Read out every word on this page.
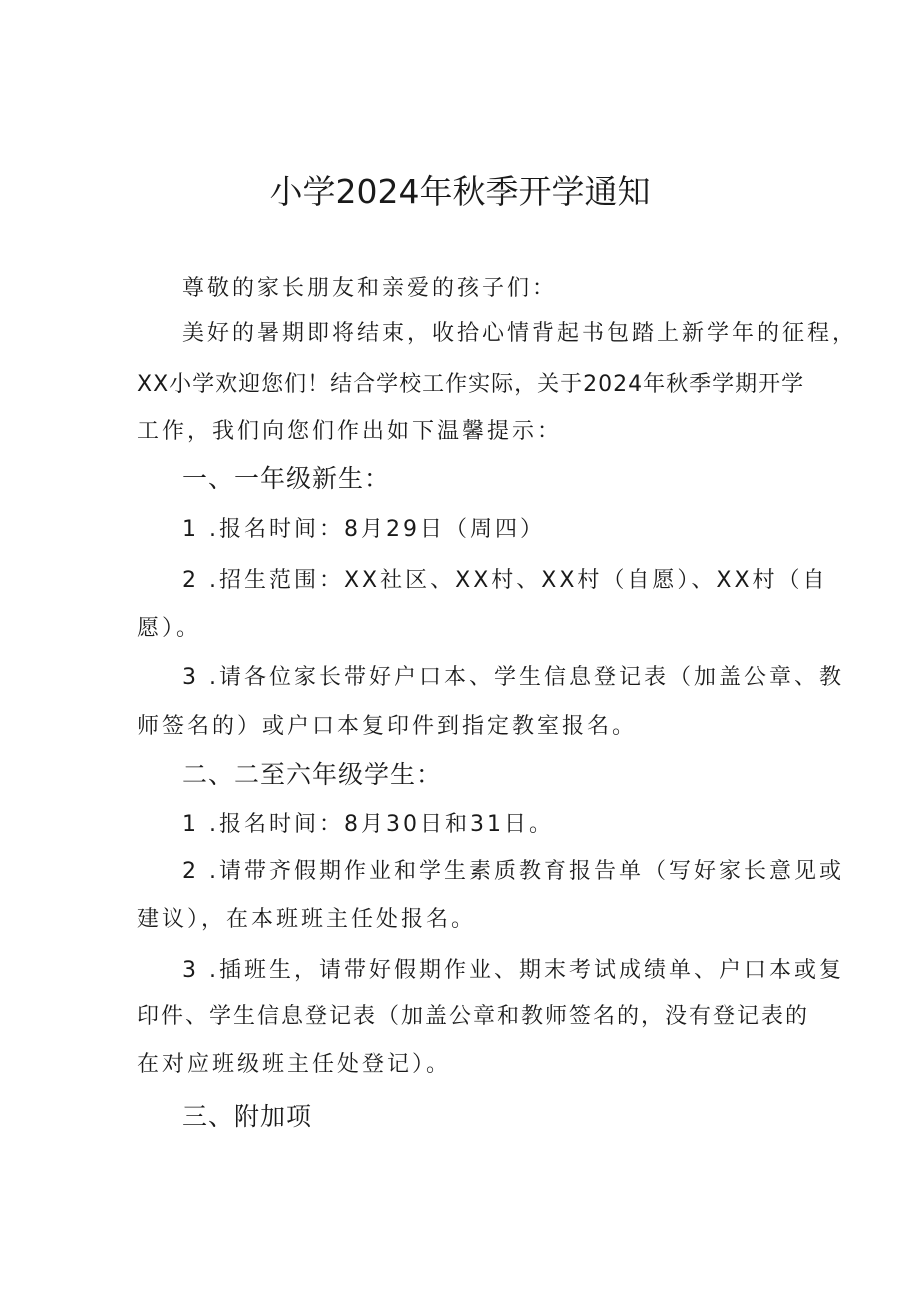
小学2024年秋季开学通知
尊敬的家长朋友和亲爱的孩子们：
美好的暑期即将结束，收拾心情背起书包踏上新学年的征程，
XX小学欢迎您们！结合学校工作实际，关于2024年秋季学期开学
工作，我们向您们作出如下温馨提示：
一、一年级新生：
1 .报名时间：8月29日（周四）
2 .招生范围：XX社区、XX村、XX村（自愿）、XX村（自
愿）。
3 .请各位家长带好户口本、学生信息登记表（加盖公章、教
师签名的）或户口本复印件到指定教室报名。
二、二至六年级学生：
1 .报名时间：8月30日和31日。
2 .请带齐假期作业和学生素质教育报告单（写好家长意见或
建议），在本班班主任处报名。
3 .插班生，请带好假期作业、期末考试成绩单、户口本或复
印件、学生信息登记表（加盖公章和教师签名的，没有登记表的
在对应班级班主任处登记）。
三、附加项
